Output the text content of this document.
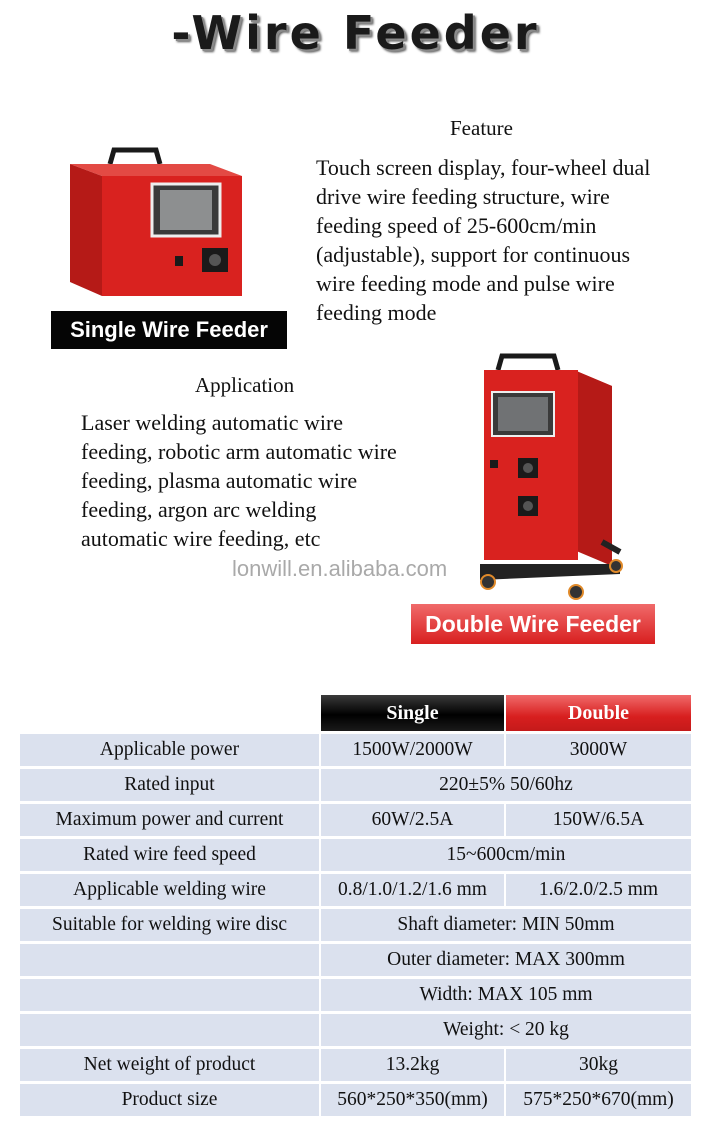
-Wire Feeder
Single Wire Feeder
Feature
Touch screen display, four-wheel dual drive wire feeding structure, wire feeding speed of 25-600cm/min (adjustable), support for continuous wire feeding mode and pulse wire feeding mode
Application
Laser welding automatic wire feeding, robotic arm automatic wire feeding, plasma automatic wire feeding, argon arc welding automatic wire feeding, etc
lonwill.en.alibaba.com
Double Wire Feeder
	Single	Double
Applicable power	1500W/2000W	3000W
Rated input	220±5% 50/60hz	
Maximum power and current	60W/2.5A	150W/6.5A
Rated wire feed speed	15~600cm/min	
Applicable welding wire	0.8/1.0/1.2/1.6 mm	1.6/2.0/2.5 mm
Suitable for welding wire disc	Shaft diameter: MIN 50mm	
	Outer diameter: MAX 300mm	
	Width: MAX 105 mm	
	Weight: < 20 kg	
Net weight of product	13.2kg	30kg
Product size	560*250*350(mm)	575*250*670(mm)
